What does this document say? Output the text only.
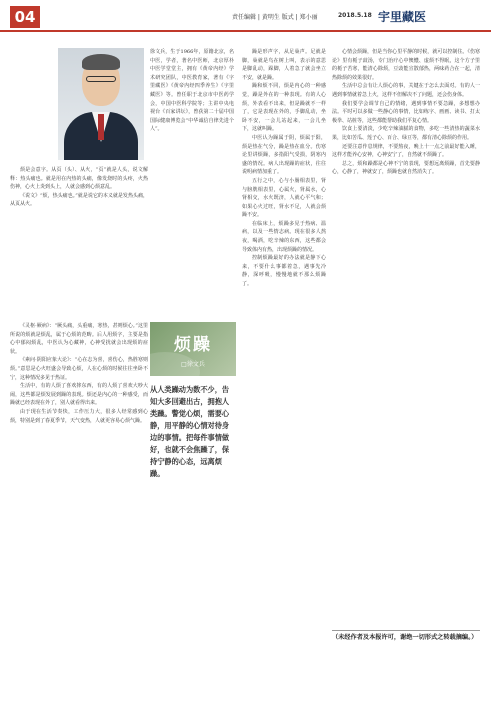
04	责任编辑 | 黄明生 版式 | 郑小丽	2018.5.18 宇里藏医
徐文兵，生于1966年，原籍北京，名中医，学者，著名中医师，北京厚朴中医学堂堂主，拥有《黄帝内经》学术研究团队，中医教育家，著有《字里藏医》《黄帝内经四季养生》《字里藏医》等。曾任职于北京市中医药学会，中国中医科学院等；主讲中央电视台《百家讲坛》，曾获第二十届中国国际健康博览会“中华诚信自律先进个人”。

烦是会意字。从页（头）、从火，“页”就是人头，说文解释：热头痛也。就是用在内热的头痛，像发烧时的头疼，火热伤神，心火上炎到头上，人就会感到心烦意乱。

《说文》“烦，热头痛也。”就是说它的本义就是发热头痛，从页从火。

烦躁
□徐文兵

《灵枢·厥病》：“厥头痛，头重痛，寒热，甚则烦心。”这里所说的烦就是烦乱，属于心烦的范畴。后人用烦字，主要是指心中郁闷烦乱，中医认为心藏神，心神受扰就会出现烦的症状。

《素问·阴阳应象大论》：“心在志为喜，喜伤心，热胜寒则烦。”意思是心火旺盛会导致心烦，人在心烦的时候往往坐卧不宁，这种情况多见于热证。

生活中，有的人烦了喜欢摔东西，有的人烦了喜欢大吵大闹，这些都是烦发展到躁的表现。烦还是内心的一种感受，而躁就已经表现在外了，别人就看得出来。

由于现在生活节奏快，工作压力大，很多人经常感到心烦，特别是到了春夏季节，天气变热，人就更容易心烦气躁。

从人类躁动为数不少，告知大多回避出古，拥抱人类躁。警觉心烦，需要心静，用平静的心情对待身边的事情。把每件事情做好，也就不会焦躁了，保持宁静的心态，远离烦躁。

躁是形声字，从足喿声。足就是脚，喿就是鸟在树上叫，表示的意思是脚乱动，跺脚，人着急了就会坐立不安，就是躁。

躁和烦不同，烦是内心的一种感觉，躁是外在的一种表现。有的人心烦，外表看不出来，但是躁就不一样了，它是表现在外的，手脚乱动，坐卧不安，一会儿站起来，一会儿坐下，这就叫躁。

中医认为躁属于阴，烦属于阳，烦是热在气分，躁是热在血分。伤寒论里讲烦躁，多指阳气受损，阴寒内盛的情况。病人出现躁的症状，往往说明病情加重了。

五行之中，心与小肠相表里，肾与膀胱相表里，心属火，肾属水，心肾相交，水火既济，人就心平气和；如果心火过旺，肾水不足，人就会烦躁不安。

在临床上，烦躁多见于热病、温病，以及一些情志病。现在很多人熬夜，喝酒，吃辛辣的东西，这些都会导致体内有热，出现烦躁的情况。

控制烦躁最好的办法就是静下心来，不要什么事都着急，遇事先冷静，深呼吸，慢慢地就不那么烦躁了。

心情会烦躁，但是当你心里平静的时候，就可以控制住。《伤寒论》里有栀子豉汤，专门治疗心中懊憹、虚烦不得眠，这个方子里的栀子苦寒，能清心除烦，豆豉能宣散郁热，两味药合在一起，清热除烦的效果很好。

生活中总会有让人烦心的事，关键在于怎么去面对。有的人一遇到事情就着急上火，这样不但解决不了问题，还会伤身体。

我们要学会调节自己的情绪，遇到事情不要急躁，多想想办法。平时可以多做一些静心的事情，比如练字、画画、读书、打太极拳、站桩等，这些都能帮助我们平复心情。

饮食上要清淡，少吃辛辣油腻的食物，多吃一些清热的蔬菜水果，比如苦瓜、莲子心、百合、绿豆等，都有清心除烦的作用。

还要注意作息规律，不要熬夜，晚上十一点之前最好能入睡，这样才能养心安神，心神安宁了，自然就不烦躁了。

总之，烦和躁都是心神不宁的表现，要想远离烦躁，首先要静心，心静了，神就安了，烦躁也就自然消失了。

（未经作者及本报许可，谢绝一切形式之转载摘编。）
